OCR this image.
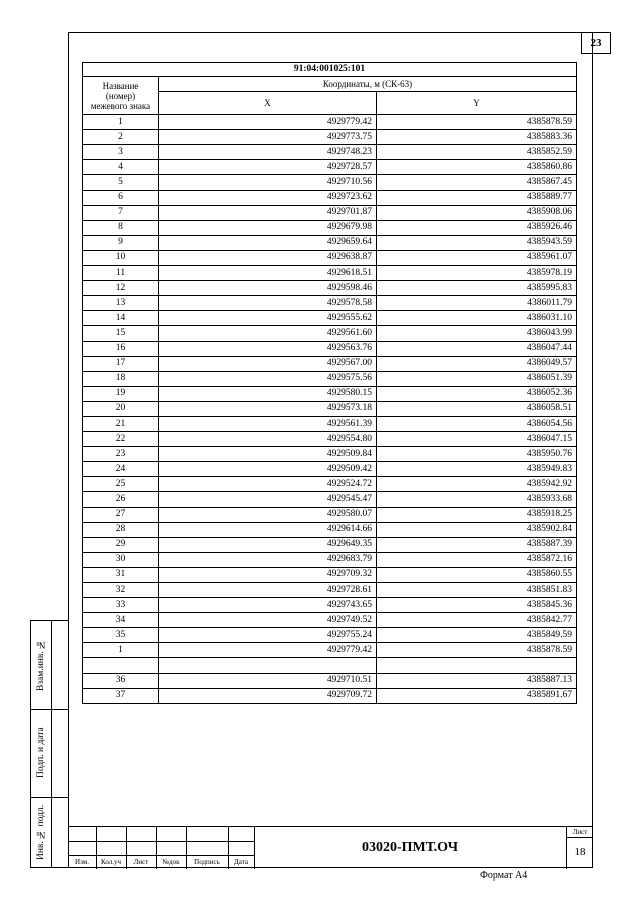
23
91:04:001025:101		
Название (номер) межевого знака	Координаты, м (СК-63)	
	X	Y
1	4929779.42	4385878.59
2	4929773.75	4385883.36
3	4929748.23	4385852.59
4	4929728.57	4385860.86
5	4929710.56	4385867.45
6	4929723.62	4385889.77
7	4929701.87	4385908.06
8	4929679.98	4385926.46
9	4929659.64	4385943.59
10	4929638.87	4385961.07
11	4929618.51	4385978.19
12	4929598.46	4385995.83
13	4929578.58	4386011.79
14	4929555.62	4386031.10
15	4929561.60	4386043.99
16	4929563.76	4386047.44
17	4929567.00	4386049.57
18	4929575.56	4386051.39
19	4929580.15	4386052.36
20	4929573.18	4386058.51
21	4929561.39	4386054.56
22	4929554.80	4386047.15
23	4929509.84	4385950.76
24	4929509.42	4385949.83
25	4929524.72	4385942.92
26	4929545.47	4385933.68
27	4929580.07	4385918.25
28	4929614.66	4385902.84
29	4929649.35	4385887.39
30	4929683.79	4385872.16
31	4929709.32	4385860.55
32	4929728.61	4385851.83
33	4929743.65	4385845.36
34	4929749.52	4385842.77
35	4929755.24	4385849.59
1	4929779.42	4385878.59

36	4929710.51	4385887.13
37	4929709.72	4385891.67
Взам.инв. №
Подп. и дата
Инв. № подл.
Изм.	Кол.уч	Лист	№док	Подпись	Дата
03020-ПМТ.ОЧ
Лист
18
Формат А4
